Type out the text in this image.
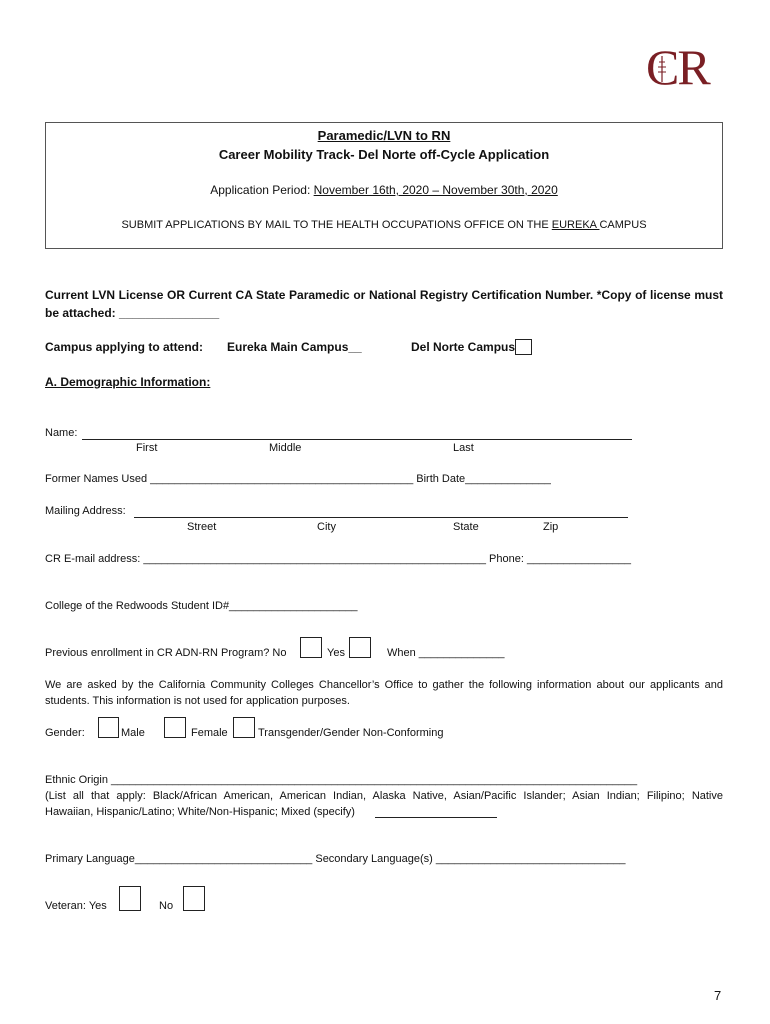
CR
Paramedic/LVN to RN
Career Mobility Track- Del Norte off-Cycle Application
Application Period: November 16th, 2020 – November 30th, 2020
SUBMIT APPLICATIONS BY MAIL TO THE HEALTH OCCUPATIONS OFFICE ON THE EUREKA CAMPUS
Current LVN License OR Current CA State Paramedic or National Registry Certification Number. *Copy of license must
be attached: _______________
Campus applying to attend: Eureka Main Campus__	Del Norte Campus
A. Demographic Information:
Name:
First	Middle	Last
Former Names Used ___________________________________________ Birth Date______________
Mailing Address:
Street	City	State	Zip
CR E-mail address: ________________________________________________________ Phone: _________________
College of the Redwoods Student ID#_____________________
Previous enrollment in CR ADN-RN Program? No	Yes	When ______________
We are asked by the California Community Colleges Chancellor’s Office to gather the following information about our applicants and
students. This information is not used for application purposes.
Gender:	Male	Female	Transgender/Gender Non-Conforming
Ethnic Origin ______________________________________________________________________________________
(List all that apply: Black/African American, American Indian, Alaska Native, Asian/Pacific Islander; Asian Indian; Filipino; Native
Hawaiian, Hispanic/Latino; White/Non-Hispanic; Mixed (specify)
Primary Language_____________________________ Secondary Language(s) _______________________________
Veteran: Yes	No
7
